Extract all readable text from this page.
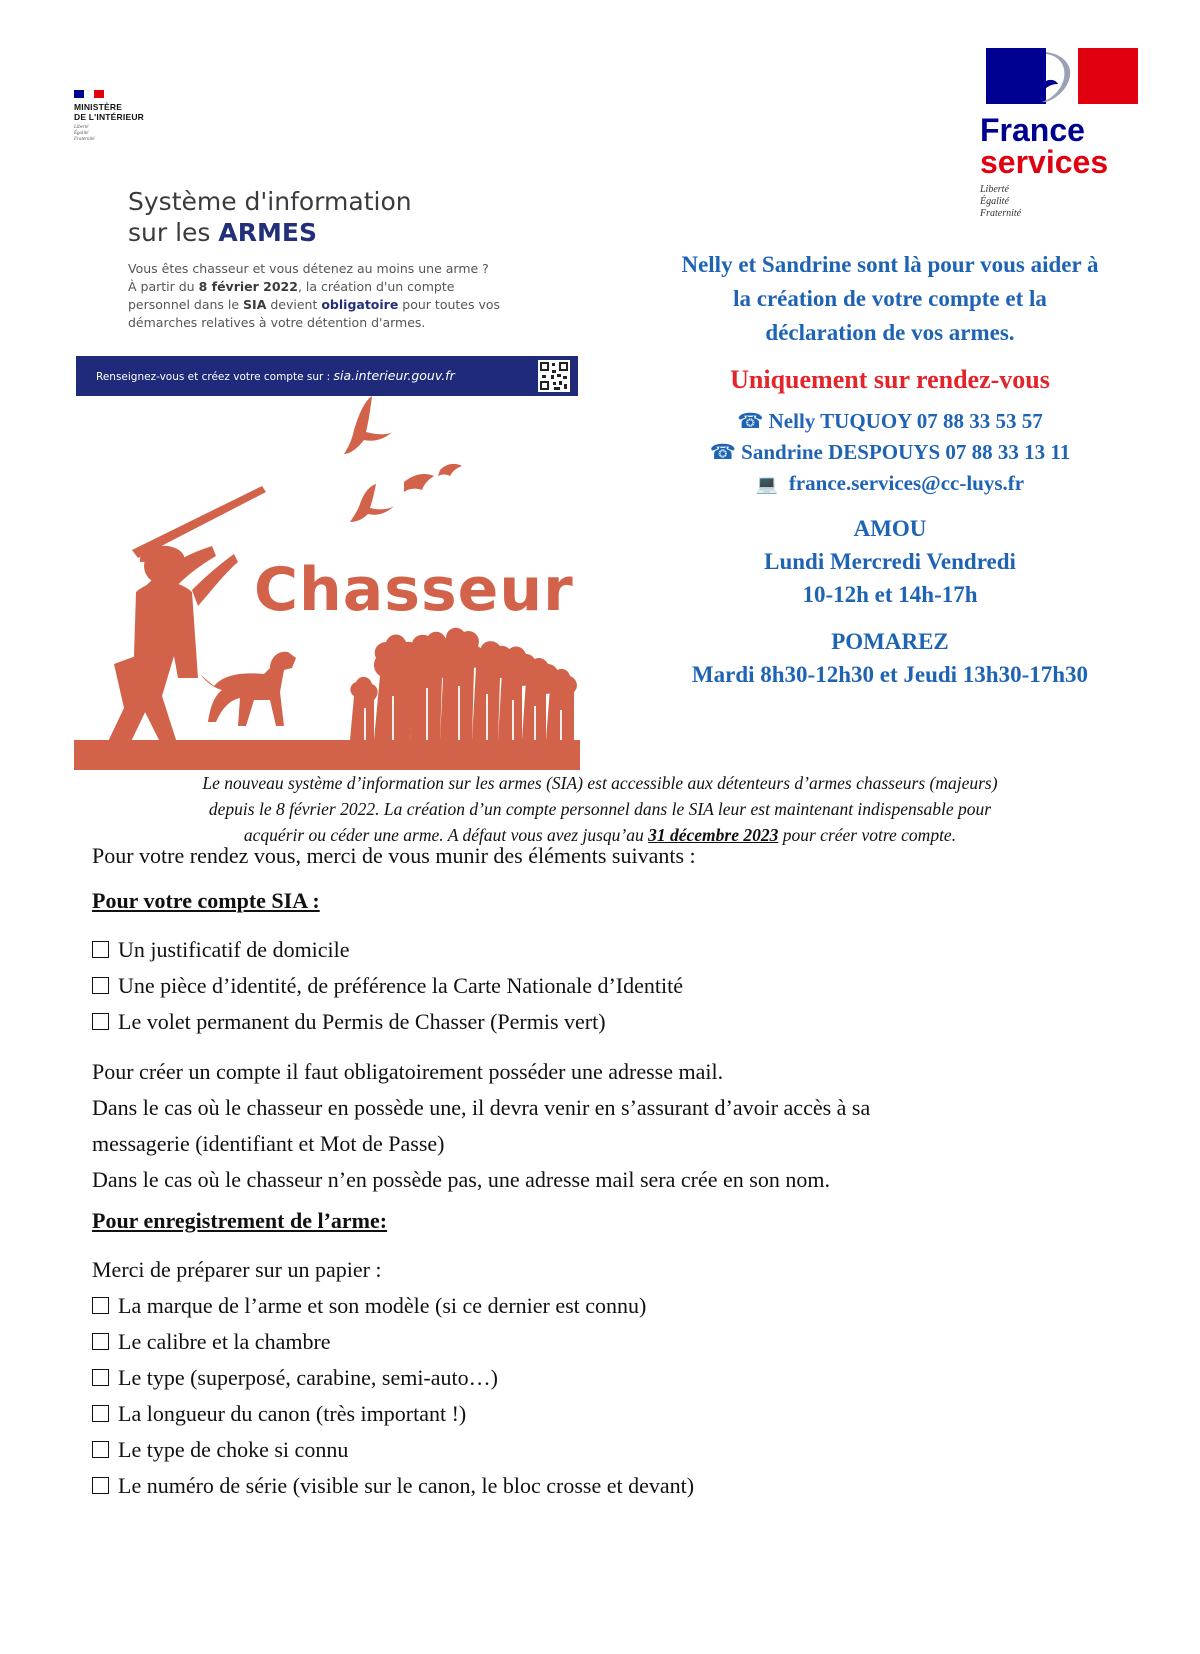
MINISTÈRE
DE L'INTÉRIEUR
Liberté
Égalité
Fraternité	France
services
Liberté
Égalité
Fraternité
Système d'information
sur les ARMES
Vous êtes chasseur et vous détenez au moins une arme ?
À partir du 8 février 2022, la création d'un compte
personnel dans le SIA devient obligatoire pour toutes vos
démarches relatives à votre détention d'armes.
Renseignez-vous et créez votre compte sur : sia.interieur.gouv.fr
Chasseur
Nelly et Sandrine sont là pour vous aider à
la création de votre compte et la
déclaration de vos armes.
Uniquement sur rendez-vous
☎ Nelly TUQUOY 07 88 33 53 57
☎ Sandrine DESPOUYS 07 88 33 13 11
💻 france.services@cc-luys.fr
AMOU
Lundi Mercredi Vendredi
10-12h et 14h-17h
POMAREZ
Mardi 8h30-12h30 et Jeudi 13h30-17h30
Le nouveau système d’information sur les armes (SIA) est accessible aux détenteurs d’armes chasseurs (majeurs)
depuis le 8 février 2022. La création d’un compte personnel dans le SIA leur est maintenant indispensable pour
acquérir ou céder une arme. A défaut vous avez jusqu’au 31 décembre 2023 pour créer votre compte.
Pour votre rendez vous, merci de vous munir des éléments suivants :
Pour votre compte SIA :
Un justificatif de domicile
Une pièce d’identité, de préférence la Carte Nationale d’Identité
Le volet permanent du Permis de Chasser (Permis vert)
Pour créer un compte il faut obligatoirement posséder une adresse mail.
Dans le cas où le chasseur en possède une, il devra venir en s’assurant d’avoir accès à sa
messagerie (identifiant et Mot de Passe)
Dans le cas où le chasseur n’en possède pas, une adresse mail sera crée en son nom.
Pour enregistrement de l’arme:
Merci de préparer sur un papier :
La marque de l’arme et son modèle (si ce dernier est connu)
Le calibre et la chambre
Le type (superposé, carabine, semi-auto…)
La longueur du canon (très important !)
Le type de choke si connu
Le numéro de série (visible sur le canon, le bloc crosse et devant)
